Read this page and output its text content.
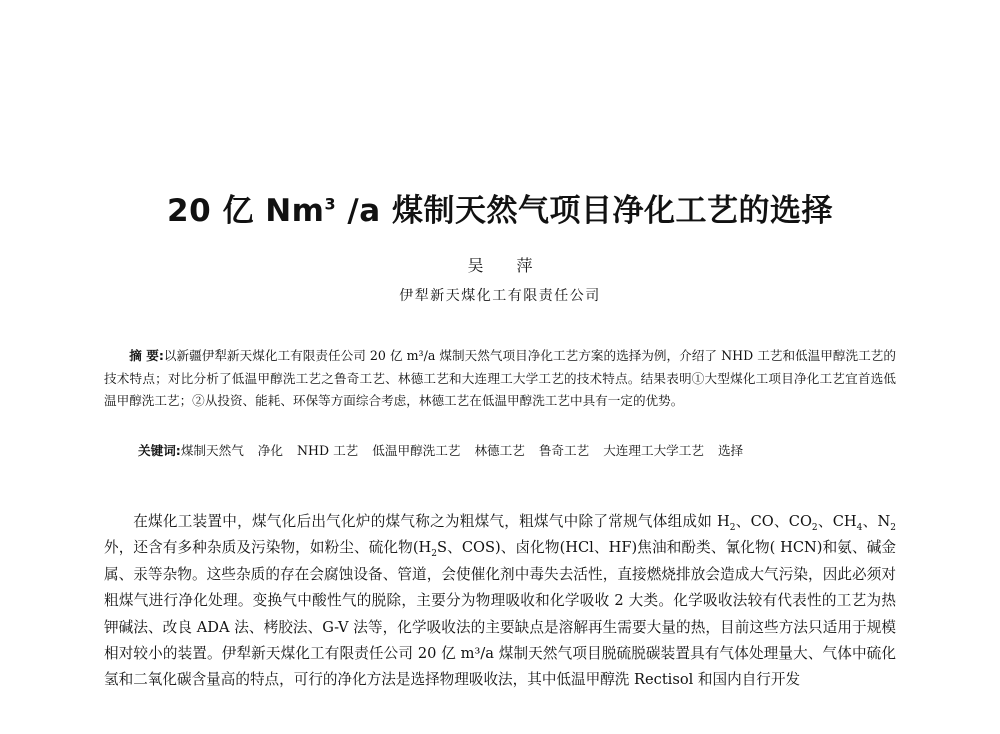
20 亿 Nm$^3$ /a 煤制天然气项目净化工艺的选择
吴 萍
伊犁新天煤化工有限责任公司
摘 要:以新疆伊犁新天煤化工有限责任公司 20 亿 m³/a 煤制天然气项目净化工艺方案的选择为例，介绍了 NHD 工艺和低温甲醇洗工艺的技术特点；对比分析了低温甲醇洗工艺之鲁奇工艺、林德工艺和大连理工大学工艺的技术特点。结果表明①大型煤化工项目净化工艺宜首选低温甲醇洗工艺；②从投资、能耗、环保等方面综合考虑，林德工艺在低温甲醇洗工艺中具有一定的优势。
关键词:煤制天然气 净化 NHD 工艺 低温甲醇洗工艺 林德工艺 鲁奇工艺 大连理工大学工艺 选择
在煤化工装置中，煤气化后出气化炉的煤气称之为粗煤气，粗煤气中除了常规气体组成如 $H_2$、CO、$CO_2$、$CH_4$、$N_2$ 外，还含有多种杂质及污染物，如粉尘、硫化物($H_2S$、COS)、卤化物(HCl、HF)焦油和酚类、氰化物( HCN)和氨、碱金属、汞等杂物。这些杂质的存在会腐蚀设备、管道，会使催化剂中毒失去活性，直接燃烧排放会造成大气污染，因此必须对粗煤气进行净化处理。变换气中酸性气的脱除，主要分为物理吸收和化学吸收 2 大类。化学吸收法较有代表性的工艺为热钾碱法、改良 ADA 法、栲胶法、G-V 法等，化学吸收法的主要缺点是溶解再生需要大量的热，目前这些方法只适用于规模相对较小的装置。伊犁新天煤化工有限责任公司 20 亿 m³/a 煤制天然气项目脱硫脱碳装置具有气体处理量大、气体中硫化氢和二氧化碳含量高的特点，可行的净化方法是选择物理吸收法，其中低温甲醇洗 Rectisol 和国内自行开发
